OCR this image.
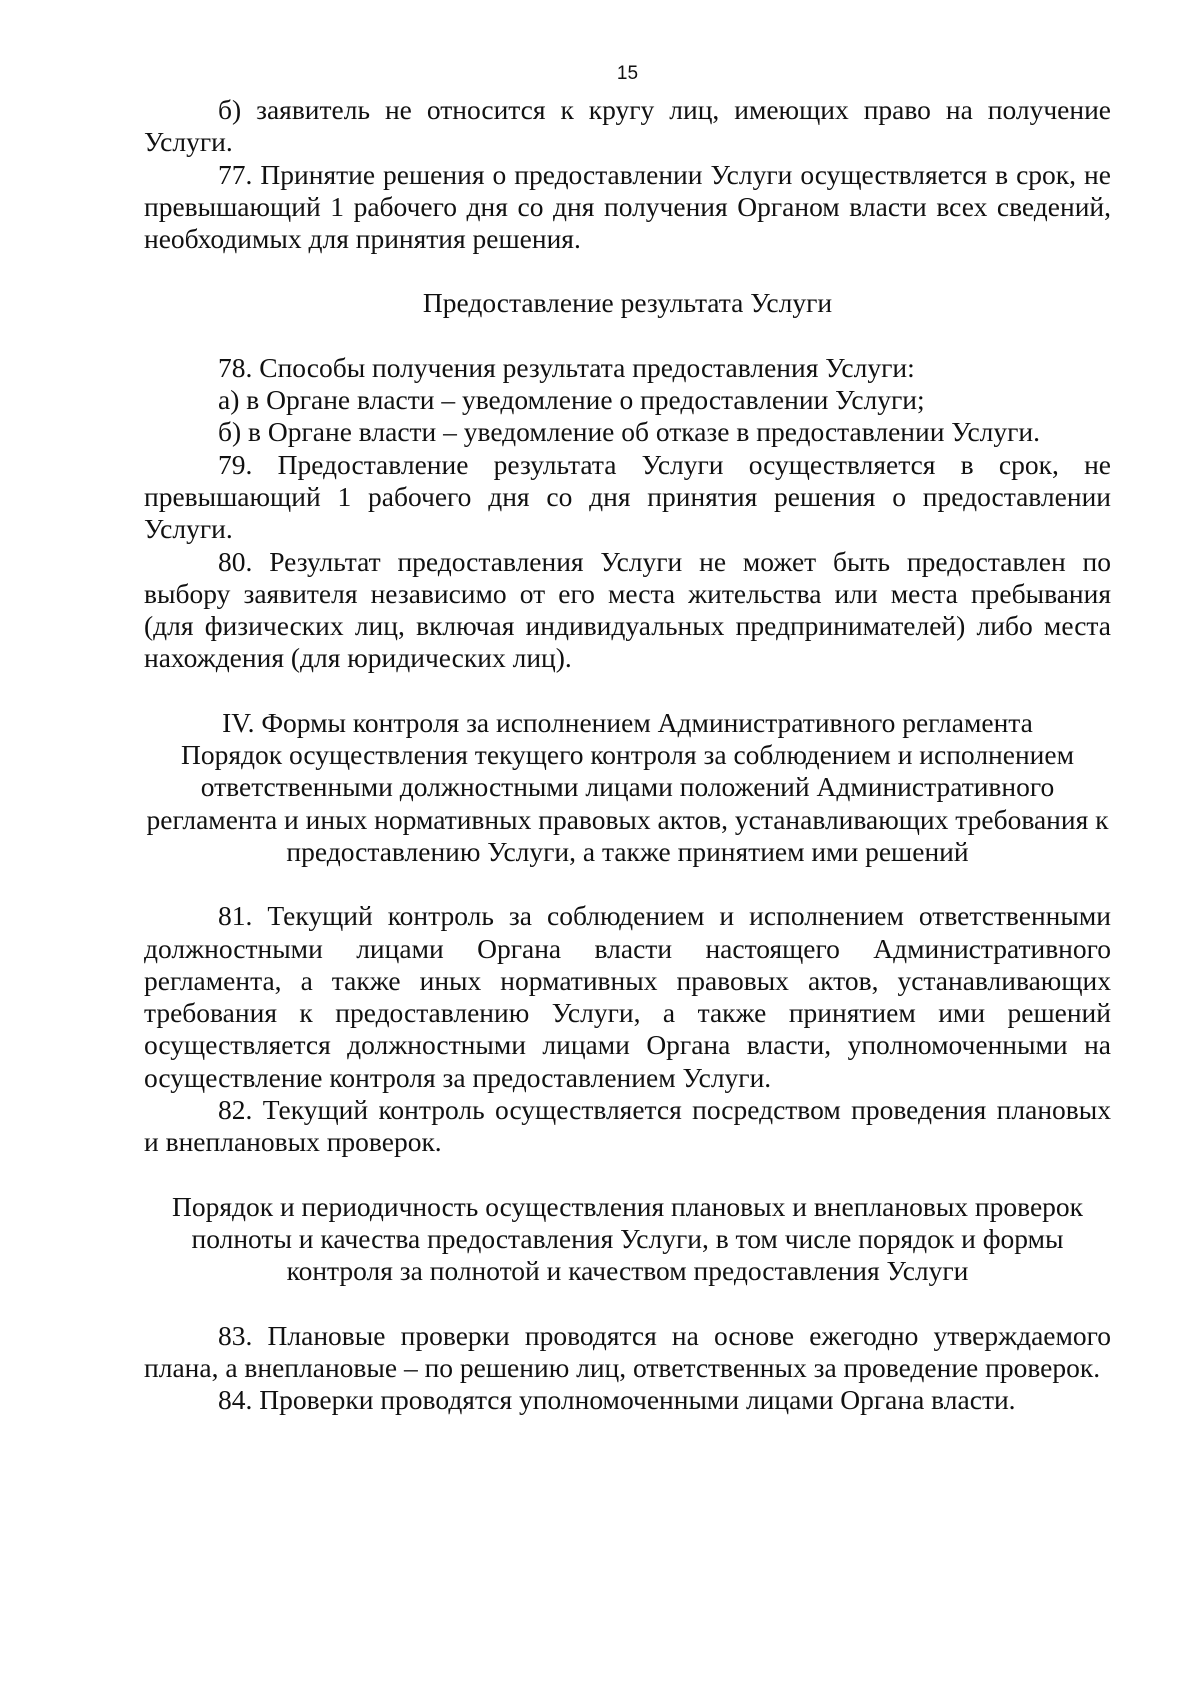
15

б) заявитель не относится к кругу лиц, имеющих право на получение Услуги.

77. Принятие решения о предоставлении Услуги осуществляется в срок, не превышающий 1 рабочего дня со дня получения Органом власти всех сведений, необходимых для принятия решения.

Предоставление результата Услуги

78. Способы получения результата предоставления Услуги:

а) в Органе власти – уведомление о предоставлении Услуги;

б) в Органе власти – уведомление об отказе в предоставлении Услуги.

79. Предоставление результата Услуги осуществляется в срок, не превышающий 1 рабочего дня со дня принятия решения о предоставлении Услуги.

80. Результат предоставления Услуги не может быть предоставлен по выбору заявителя независимо от его места жительства или места пребывания (для физических лиц, включая индивидуальных предпринимателей) либо места нахождения (для юридических лиц).

IV. Формы контроля за исполнением Административного регламента

Порядок осуществления текущего контроля за соблюдением и исполнением ответственными должностными лицами положений Административного регламента и иных нормативных правовых актов, устанавливающих требования к предоставлению Услуги, а также принятием ими решений

81. Текущий контроль за соблюдением и исполнением ответственными должностными лицами Органа власти настоящего Административного регламента, а также иных нормативных правовых актов, устанавливающих требования к предоставлению Услуги, а также принятием ими решений осуществляется должностными лицами Органа власти, уполномоченными на осуществление контроля за предоставлением Услуги.

82. Текущий контроль осуществляется посредством проведения плановых и внеплановых проверок.

Порядок и периодичность осуществления плановых и внеплановых проверок полноты и качества предоставления Услуги, в том числе порядок и формы контроля за полнотой и качеством предоставления Услуги

83. Плановые проверки проводятся на основе ежегодно утверждаемого плана, а внеплановые – по решению лиц, ответственных за проведение проверок.

84. Проверки проводятся уполномоченными лицами Органа власти.
